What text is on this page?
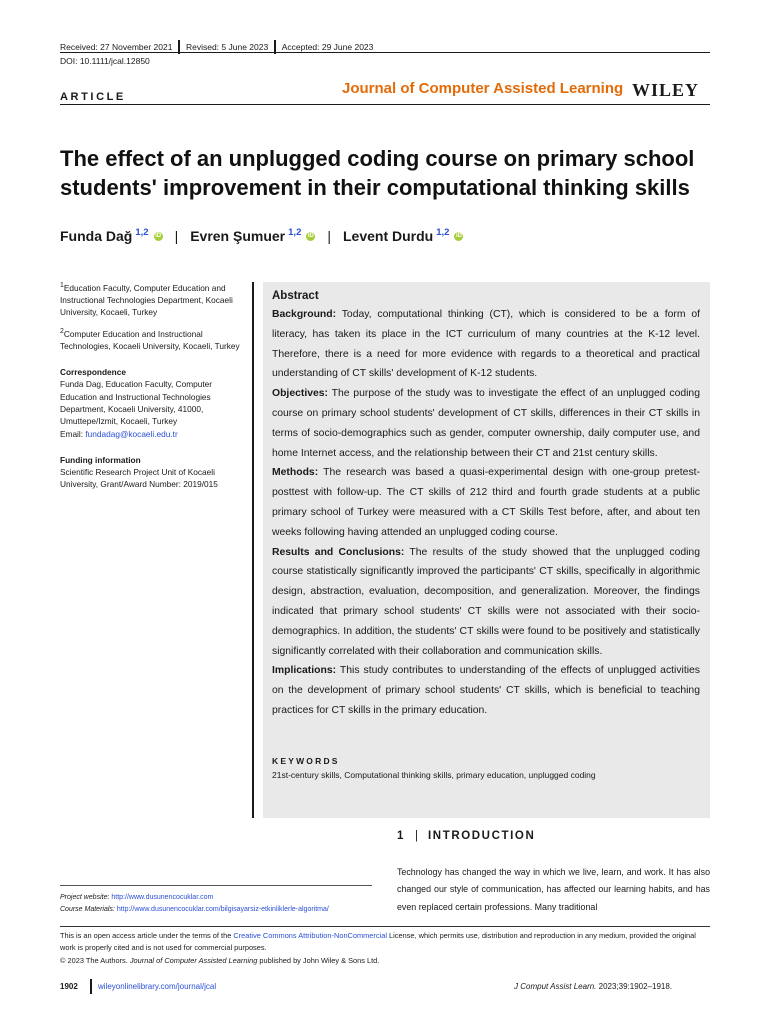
Received: 27 November 2021 Revised: 5 June 2023 Accepted: 29 June 2023
DOI: 10.1111/jcal.12850
ARTICLE	Journal of Computer Assisted Learning WILEY
The effect of an unplugged coding course on primary school students' improvement in their computational thinking skills
Funda Dağ $^{1,2}$ iD | Evren Şumuer $^{1,2}$ iD | Levent Durdu $^{1,2}$ iD

$^1$Education Faculty, Computer Education and Instructional Technologies Department, Kocaeli University, Kocaeli, Turkey

$^2$Computer Education and Instructional Technologies, Kocaeli University, Kocaeli, Turkey

Correspondence

Funda Dag, Education Faculty, Computer Education and Instructional Technologies Department, Kocaeli University, 41000, Umuttepe/Izmit, Kocaeli, Turkey
Email: fundadag@kocaeli.edu.tr

Funding information

Scientific Research Project Unit of Kocaeli University, Grant/Award Number: 2019/015

Abstract
Background: Today, computational thinking (CT), which is considered to be a form of literacy, has taken its place in the ICT curriculum of many countries at the K-12 level. Therefore, there is a need for more evidence with regards to a theoretical and practical understanding of CT skills' development of K-12 students.
Objectives: The purpose of the study was to investigate the effect of an unplugged coding course on primary school students' development of CT skills, differences in their CT skills in terms of socio-demographics such as gender, computer ownership, daily computer use, and home Internet access, and the relationship between their CT and 21st century skills.
Methods: The research was based a quasi-experimental design with one-group pretest-posttest with follow-up. The CT skills of 212 third and fourth grade students at a public primary school of Turkey were measured with a CT Skills Test before, after, and about ten weeks following having attended an unplugged coding course.
Results and Conclusions: The results of the study showed that the unplugged coding course statistically significantly improved the participants' CT skills, specifically in algorithmic design, abstraction, evaluation, decomposition, and generalization. Moreover, the findings indicated that primary school students' CT skills were not associated with their socio-demographics. In addition, the students' CT skills were found to be positively and statistically significantly correlated with their collaboration and communication skills.
Implications: This study contributes to understanding of the effects of unplugged activities on the development of primary school students' CT skills, which is beneficial to teaching practices for CT skills in the primary education.
KEYWORDS
21st-century skills, Computational thinking skills, primary education, unplugged coding
1 | INTRODUCTION
Technology has changed the way in which we live, learn, and work. It has also changed our style of communication, has affected our learning habits, and has even replaced certain professions. Many traditional
Project website: http://www.dusunencocuklar.com
Course Materials: http://www.dusunencocuklar.com/bilgisayarsiz-etkinliklerle-algoritma/
This is an open access article under the terms of the Creative Commons Attribution-NonCommercial License, which permits use, distribution and reproduction in any medium, provided the original work is properly cited and is not used for commercial purposes.
© 2023 The Authors. Journal of Computer Assisted Learning published by John Wiley & Sons Ltd.
1902	wileyonlinelibrary.com/journal/jcal	J Comput Assist Learn. 2023;39:1902–1918.
